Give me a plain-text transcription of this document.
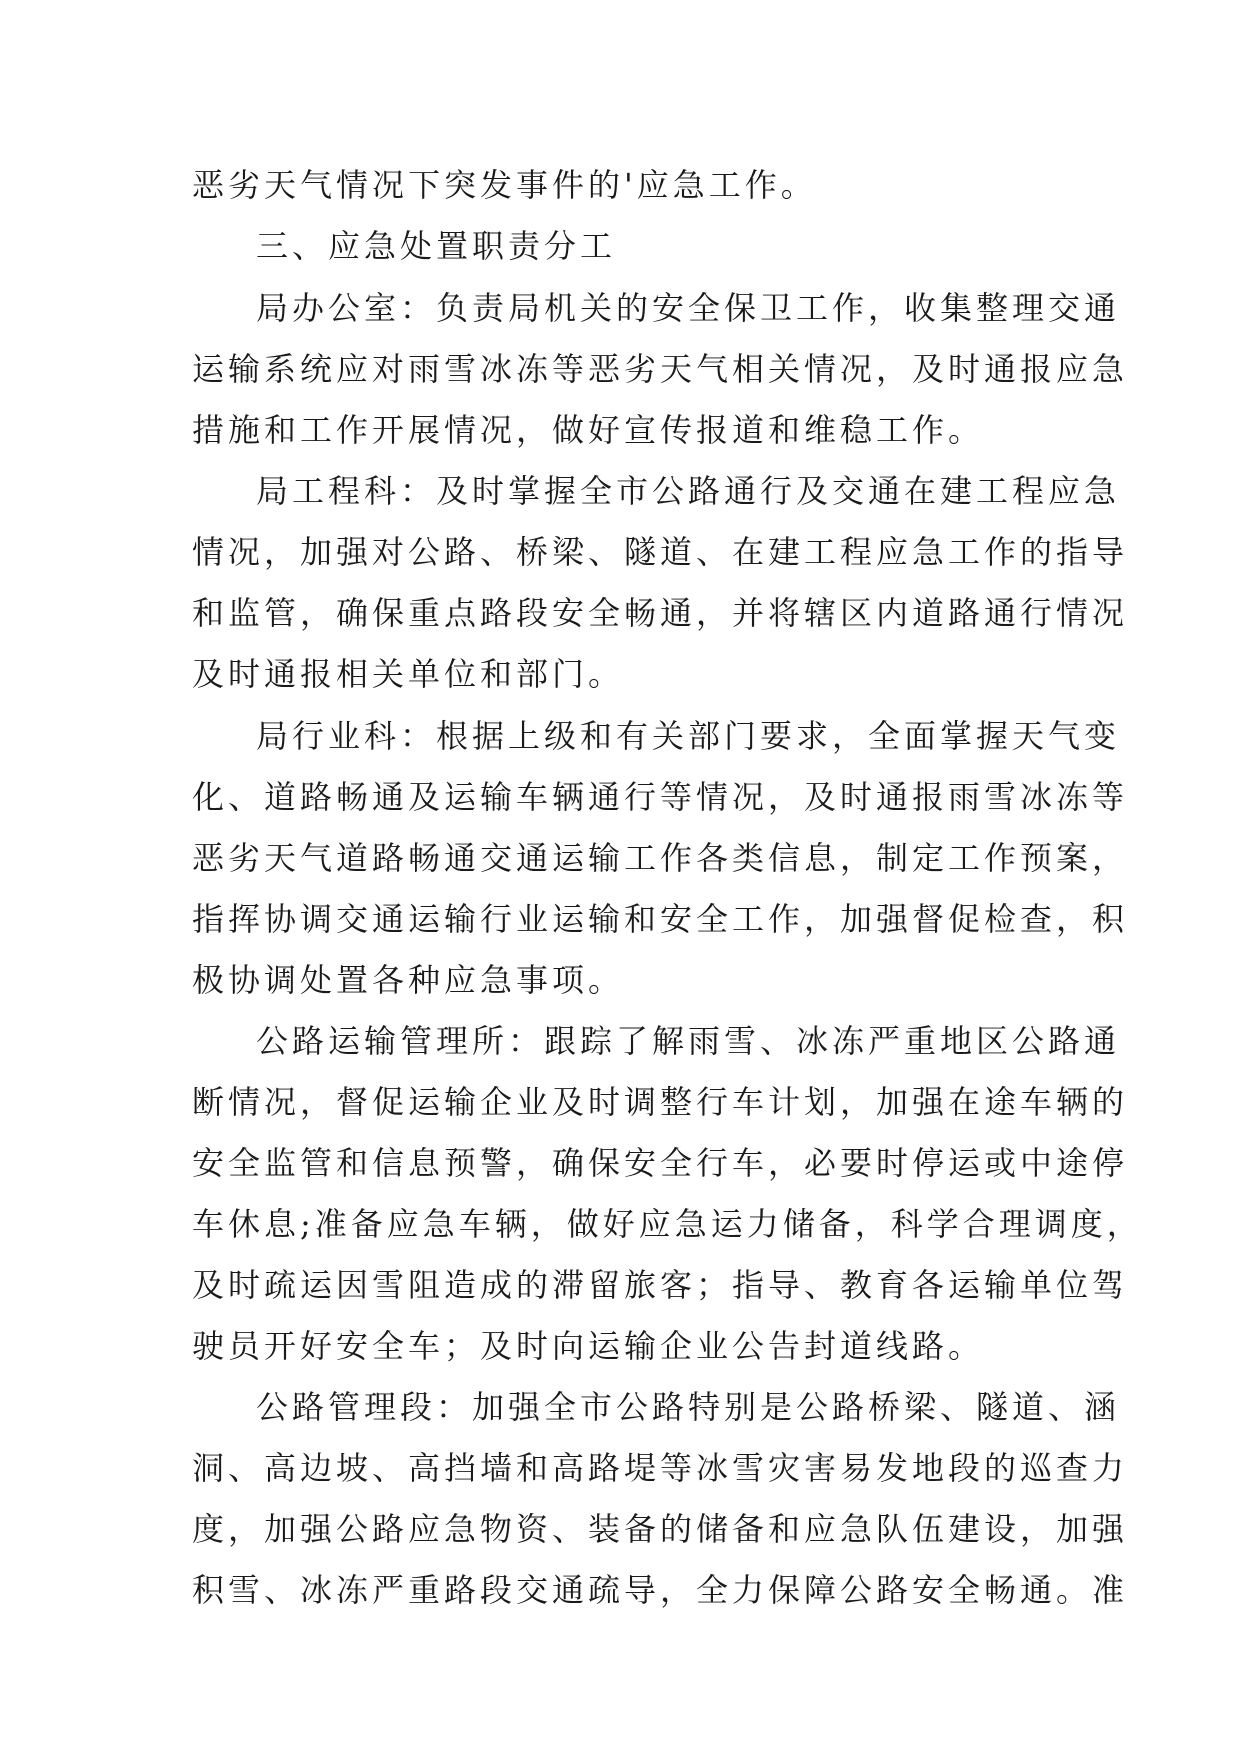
恶劣天气情况下突发事件的'应急工作。
三、应急处置职责分工
局办公室：负责局机关的安全保卫工作，收集整理交通
运输系统应对雨雪冰冻等恶劣天气相关情况，及时通报应急
措施和工作开展情况，做好宣传报道和维稳工作。
局工程科：及时掌握全市公路通行及交通在建工程应急
情况，加强对公路、桥梁、隧道、在建工程应急工作的指导
和监管，确保重点路段安全畅通，并将辖区内道路通行情况
及时通报相关单位和部门。
局行业科：根据上级和有关部门要求，全面掌握天气变
化、道路畅通及运输车辆通行等情况，及时通报雨雪冰冻等
恶劣天气道路畅通交通运输工作各类信息，制定工作预案，
指挥协调交通运输行业运输和安全工作，加强督促检查，积
极协调处置各种应急事项。
公路运输管理所：跟踪了解雨雪、冰冻严重地区公路通
断情况，督促运输企业及时调整行车计划，加强在途车辆的
安全监管和信息预警，确保安全行车，必要时停运或中途停
车休息;准备应急车辆，做好应急运力储备，科学合理调度，
及时疏运因雪阻造成的滞留旅客；指导、教育各运输单位驾
驶员开好安全车；及时向运输企业公告封道线路。
公路管理段：加强全市公路特别是公路桥梁、隧道、涵
洞、高边坡、高挡墙和高路堤等冰雪灾害易发地段的巡查力
度，加强公路应急物资、装备的储备和应急队伍建设，加强
积雪、冰冻严重路段交通疏导，全力保障公路安全畅通。准
